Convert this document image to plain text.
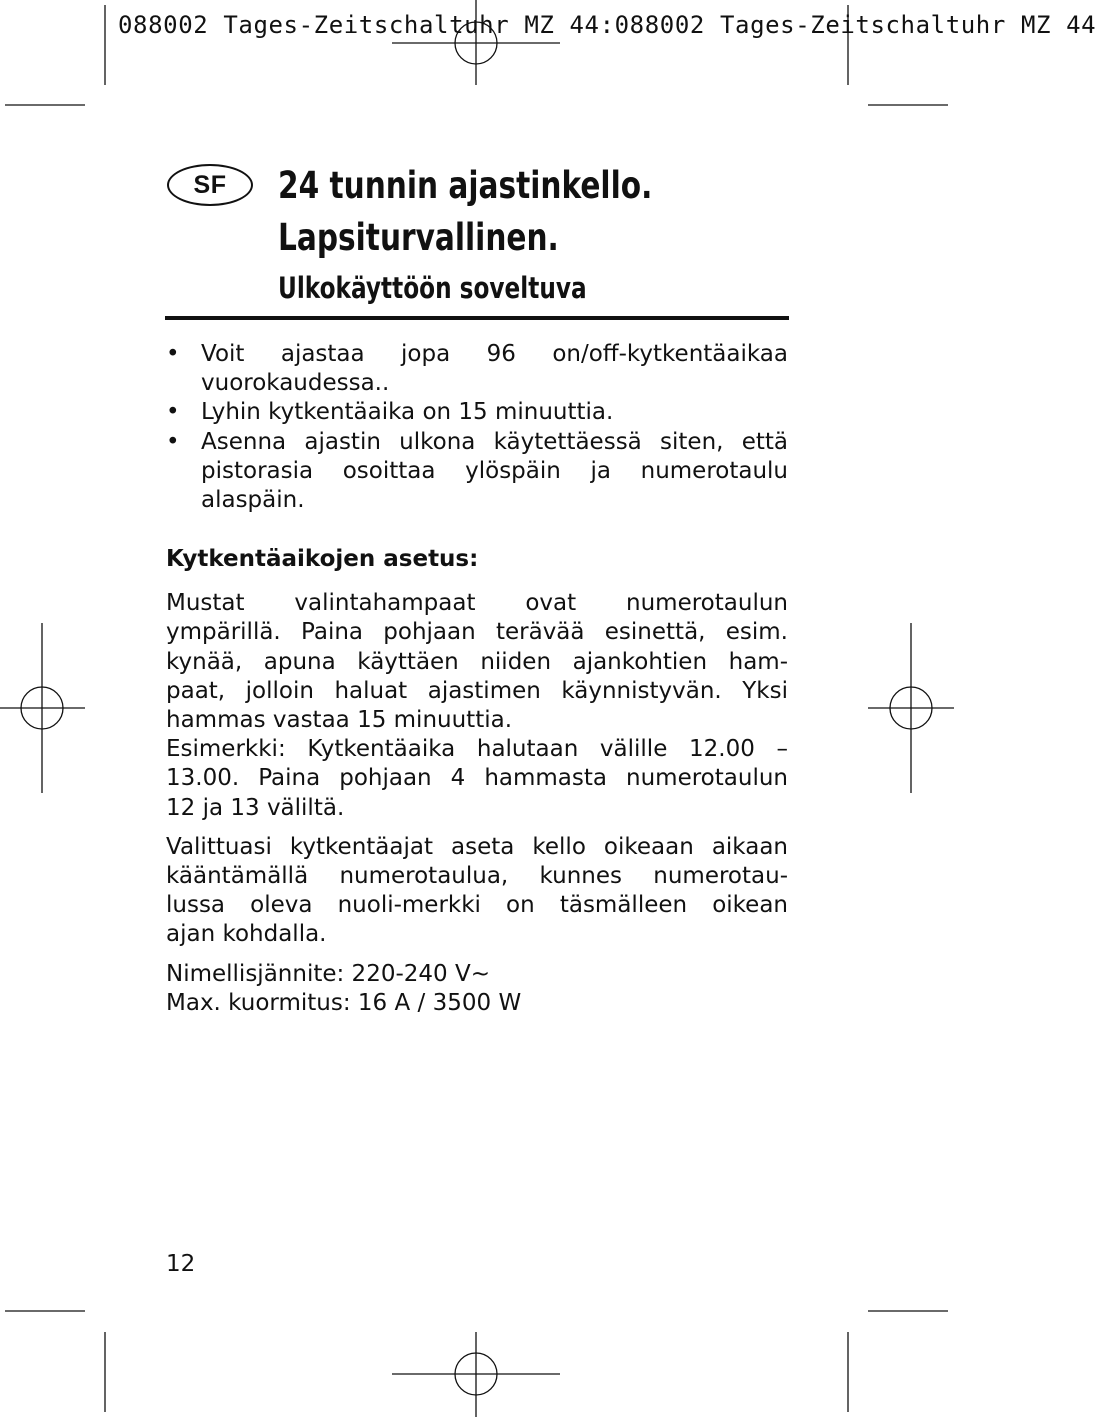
088002 Tages-Zeitschaltuhr MZ 44:088002 Tages-Zeitschaltuhr MZ 44
SF	24 tunnin ajastinkello.
Lapsiturvallinen.
Ulkokäyttöön soveltuva
• Voit ajastaa jopa 96 on/off-kytkentäaikaa vuorokaudessa..
• Lyhin kytkentäaika on 15 minuuttia.
• Asenna ajastin ulkona käytettäessä siten, että pistorasia osoittaa ylöspäin ja numerotaulu alaspäin.
Kytkentäaikojen asetus:

Mustat valintahampaat ovat numerotaulun
ympärillä. Paina pohjaan terävää esinettä, esim.
kynää, apuna käyttäen niiden ajankohtien ham-
paat, jolloin haluat ajastimen käynnistyvän. Yksi
hammas vastaa 15 minuuttia.
Esimerkki: Kytkentäaika halutaan välille 12.00 –
13.00. Paina pohjaan 4 hammasta numerotaulun
12 ja 13 väliltä.

Valittuasi kytkentäajat aseta kello oikeaan aikaan
kääntämällä numerotaulua, kunnes numerotau-
lussa oleva nuoli-merkki on täsmälleen oikean
ajan kohdalla.

Nimellisjännite: 220-240 V~
Max. kuormitus: 16 A / 3500 W

12
